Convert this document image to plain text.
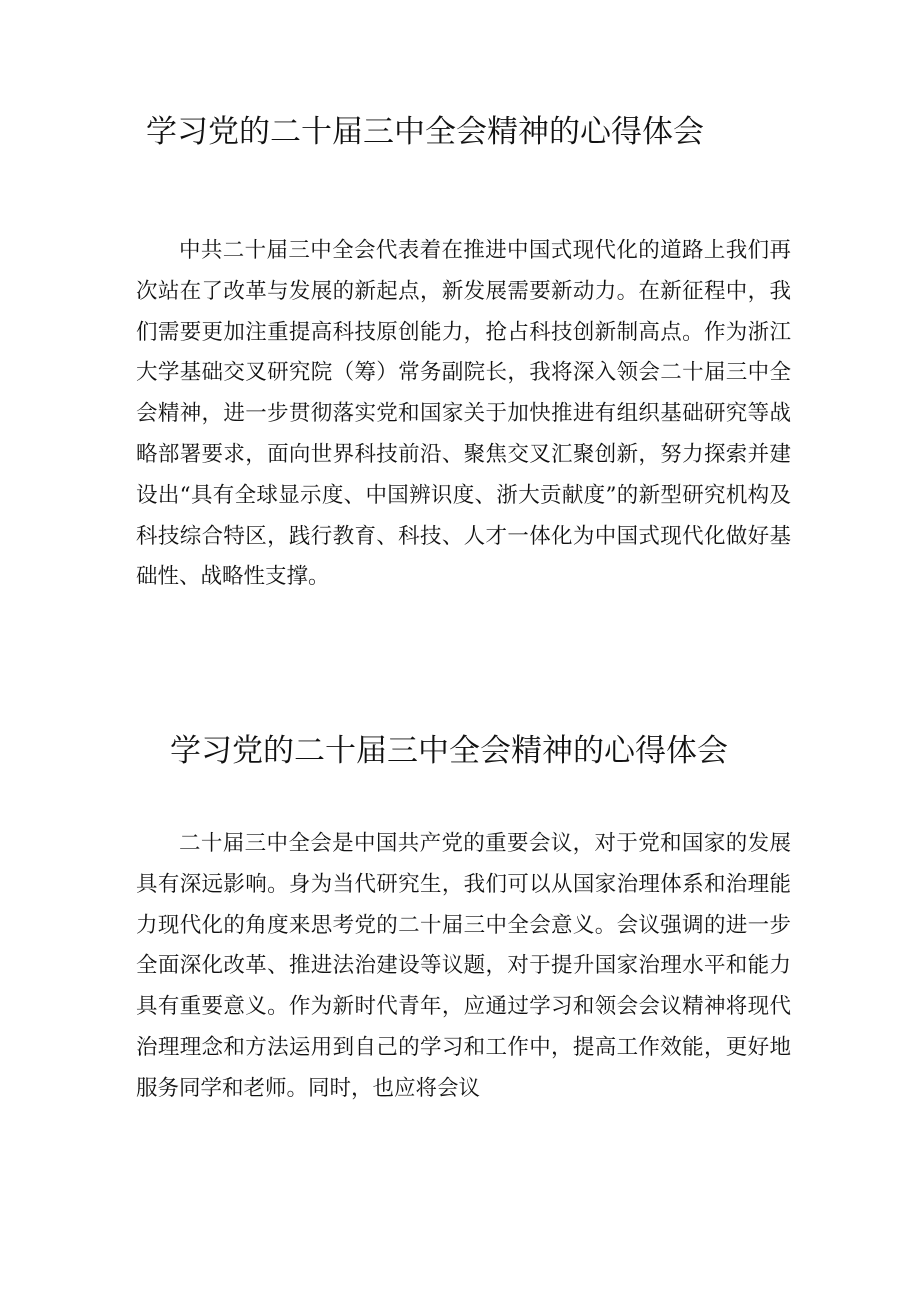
学习党的二十届三中全会精神的心得体会

中共二十届三中全会代表着在推进中国式现代化的道路上我们再次站在了改革与发展的新起点，新发展需要新动力。在新征程中，我们需要更加注重提高科技原创能力，抢占科技创新制高点。作为浙江大学基础交叉研究院（筹）常务副院长，我将深入领会二十届三中全会精神，进一步贯彻落实党和国家关于加快推进有组织基础研究等战略部署要求，面向世界科技前沿、聚焦交叉汇聚创新，努力探索并建设出“具有全球显示度、中国辨识度、浙大贡献度”的新型研究机构及科技综合特区，践行教育、科技、人才一体化为中国式现代化做好基础性、战略性支撑。

学习党的二十届三中全会精神的心得体会

二十届三中全会是中国共产党的重要会议，对于党和国家的发展具有深远影响。身为当代研究生，我们可以从国家治理体系和治理能力现代化的角度来思考党的二十届三中全会意义。会议强调的进一步全面深化改革、推进法治建设等议题，对于提升国家治理水平和能力具有重要意义。作为新时代青年，应通过学习和领会会议精神将现代治理理念和方法运用到自己的学习和工作中，提高工作效能，更好地服务同学和老师。同时，也应将会议
